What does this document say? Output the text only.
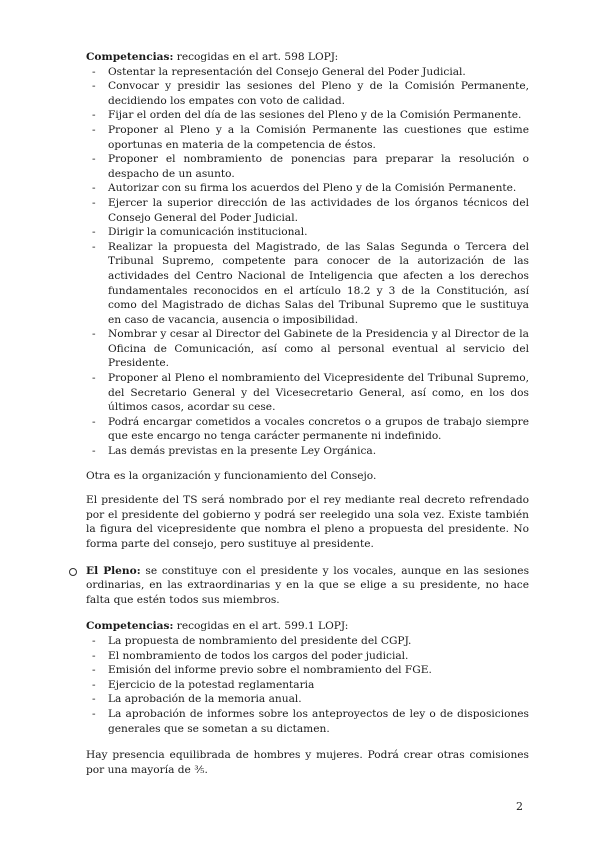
Competencias: recogidas en el art. 598 LOPJ:

- Ostentar la representación del Consejo General del Poder Judicial.
- Convocar y presidir las sesiones del Pleno y de la Comisión Permanente, decidiendo los empates con voto de calidad.
- Fijar el orden del día de las sesiones del Pleno y de la Comisión Permanente.
- Proponer al Pleno y a la Comisión Permanente las cuestiones que estime oportunas en materia de la competencia de éstos.
- Proponer el nombramiento de ponencias para preparar la resolución o despacho de un asunto.
- Autorizar con su firma los acuerdos del Pleno y de la Comisión Permanente.
- Ejercer la superior dirección de las actividades de los órganos técnicos del Consejo General del Poder Judicial.
- Dirigir la comunicación institucional.
- Realizar la propuesta del Magistrado, de las Salas Segunda o Tercera del Tribunal Supremo, competente para conocer de la autorización de las actividades del Centro Nacional de Inteligencia que afecten a los derechos fundamentales reconocidos en el artículo 18.2 y 3 de la Constitución, así como del Magistrado de dichas Salas del Tribunal Supremo que le sustituya en caso de vacancia, ausencia o imposibilidad.
- Nombrar y cesar al Director del Gabinete de la Presidencia y al Director de la Oficina de Comunicación, así como al personal eventual al servicio del Presidente.
- Proponer al Pleno el nombramiento del Vicepresidente del Tribunal Supremo, del Secretario General y del Vicesecretario General, así como, en los dos últimos casos, acordar su cese.
- Podrá encargar cometidos a vocales concretos o a grupos de trabajo siempre que este encargo no tenga carácter permanente ni indefinido.
- Las demás previstas en la presente Ley Orgánica.

Otra es la organización y funcionamiento del Consejo.

El presidente del TS será nombrado por el rey mediante real decreto refrendado por el presidente del gobierno y podrá ser reelegido una sola vez. Existe también la figura del vicepresidente que nombra el pleno a propuesta del presidente. No forma parte del consejo, pero sustituye al presidente.

El Pleno: se constituye con el presidente y los vocales, aunque en las sesiones ordinarias, en las extraordinarias y en la que se elige a su presidente, no hace falta que estén todos sus miembros.

Competencias: recogidas en el art. 599.1 LOPJ:

- La propuesta de nombramiento del presidente del CGPJ.
- El nombramiento de todos los cargos del poder judicial.
- Emisión del informe previo sobre el nombramiento del FGE.
- Ejercicio de la potestad reglamentaria
- La aprobación de la memoria anual.
- La aprobación de informes sobre los anteproyectos de ley o de disposiciones generales que se sometan a su dictamen.

Hay presencia equilibrada de hombres y mujeres. Podrá crear otras comisiones por una mayoría de ⅗.

2
